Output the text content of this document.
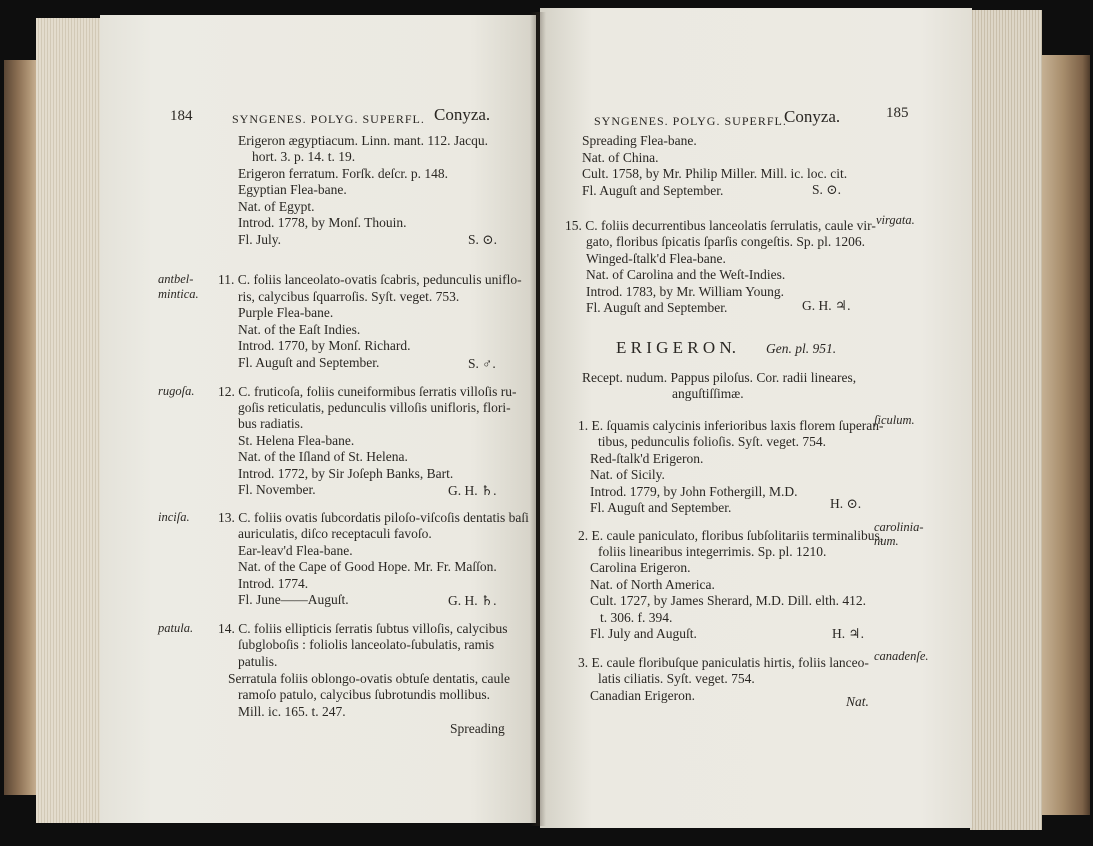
184	SYNGENES. POLYG. SUPERFL. Conyza.
Erigeron ægyptiacum. Linn. mant. 112. Jacqu.
hort. 3. p. 14. t. 19.
Erigeron ferratum. Forſk. deſcr. p. 148.
Egyptian Flea-bane.
Nat. of Egypt.
Introd. 1778, by Monſ. Thouin.
Fl. July.	S. ⊙.
antbel-
mintica.
11. C. foliis lanceolato-ovatis ſcabris, pedunculis uniflo-
ris, calycibus ſquarroſis. Syſt. veget. 753.
Purple Flea-bane.
Nat. of the Eaſt Indies.
Introd. 1770, by Monſ. Richard.
Fl. Auguſt and September.	S. ♂.
rugoſa. 12. C. fruticoſa, foliis cuneiformibus ſerratis villoſis ru-
goſis reticulatis, pedunculis villoſis unifloris, flori-
bus radiatis.
St. Helena Flea-bane.
Nat. of the Iſland of St. Helena.
Introd. 1772, by Sir Joſeph Banks, Bart.
Fl. November.	G. H. ♄.
inciſa. 13. C. foliis ovatis ſubcordatis piloſo-viſcoſis dentatis baſi
auriculatis, diſco receptaculi favoſo.
Ear-leav'd Flea-bane.
Nat. of the Cape of Good Hope. Mr. Fr. Maſſon.
Introd. 1774.
Fl. June——Auguſt.	G. H. ♄.
patula. 14. C. foliis ellipticis ſerratis ſubtus villoſis, calycibus
ſubgloboſis : foliolis lanceolato-ſubulatis, ramis
patulis.
Serratula foliis oblongo-ovatis obtuſe dentatis, caule
ramoſo patulo, calycibus ſubrotundis mollibus.
Mill. ic. 165. t. 247.
Spreading
SYNGENES. POLYG. SUPERFL.
Conyza.	185
Spreading Flea-bane.
Nat. of China.
Cult. 1758, by Mr. Philip Miller. Mill. ic. loc. cit.
Fl. Auguſt and September.	S. ⊙.
15. C. foliis decurrentibus lanceolatis ſerrulatis, caule vir- virgata.
gato, floribus ſpicatis ſparſis congeſtis. Sp. pl. 1206.
Winged-ſtalk'd Flea-bane.
Nat. of Carolina and the Weſt-Indies.
Introd. 1783, by Mr. William Young.
Fl. Auguſt and September.	G. H. ♃.
E R I G E R O N. Gen. pl. 951.
Recept. nudum. Pappus piloſus. Cor. radii lineares,
anguſtiſſimæ.
1. E. ſquamis calycinis inferioribus laxis florem ſuperan-
ſiculum.
tibus, pedunculis folioſis. Syſt. veget. 754.
Red-ſtalk'd Erigeron.
Nat. of Sicily.
Introd. 1779, by John Fothergill, M.D.
Fl. Auguſt and September.	H. ⊙.
2. E. caule paniculato, floribus ſubſolitariis terminalibus,
carolinia-
num.
foliis linearibus integerrimis. Sp. pl. 1210.
Carolina Erigeron.
Nat. of North America.
Cult. 1727, by James Sherard, M.D. Dill. elth. 412.
t. 306. f. 394.
Fl. July and Auguſt.	H. ♃.
3. E. caule floribuſque paniculatis hirtis, foliis lanceo- canadenſe.
latis ciliatis. Syſt. veget. 754.
Canadian Erigeron.	Nat.
